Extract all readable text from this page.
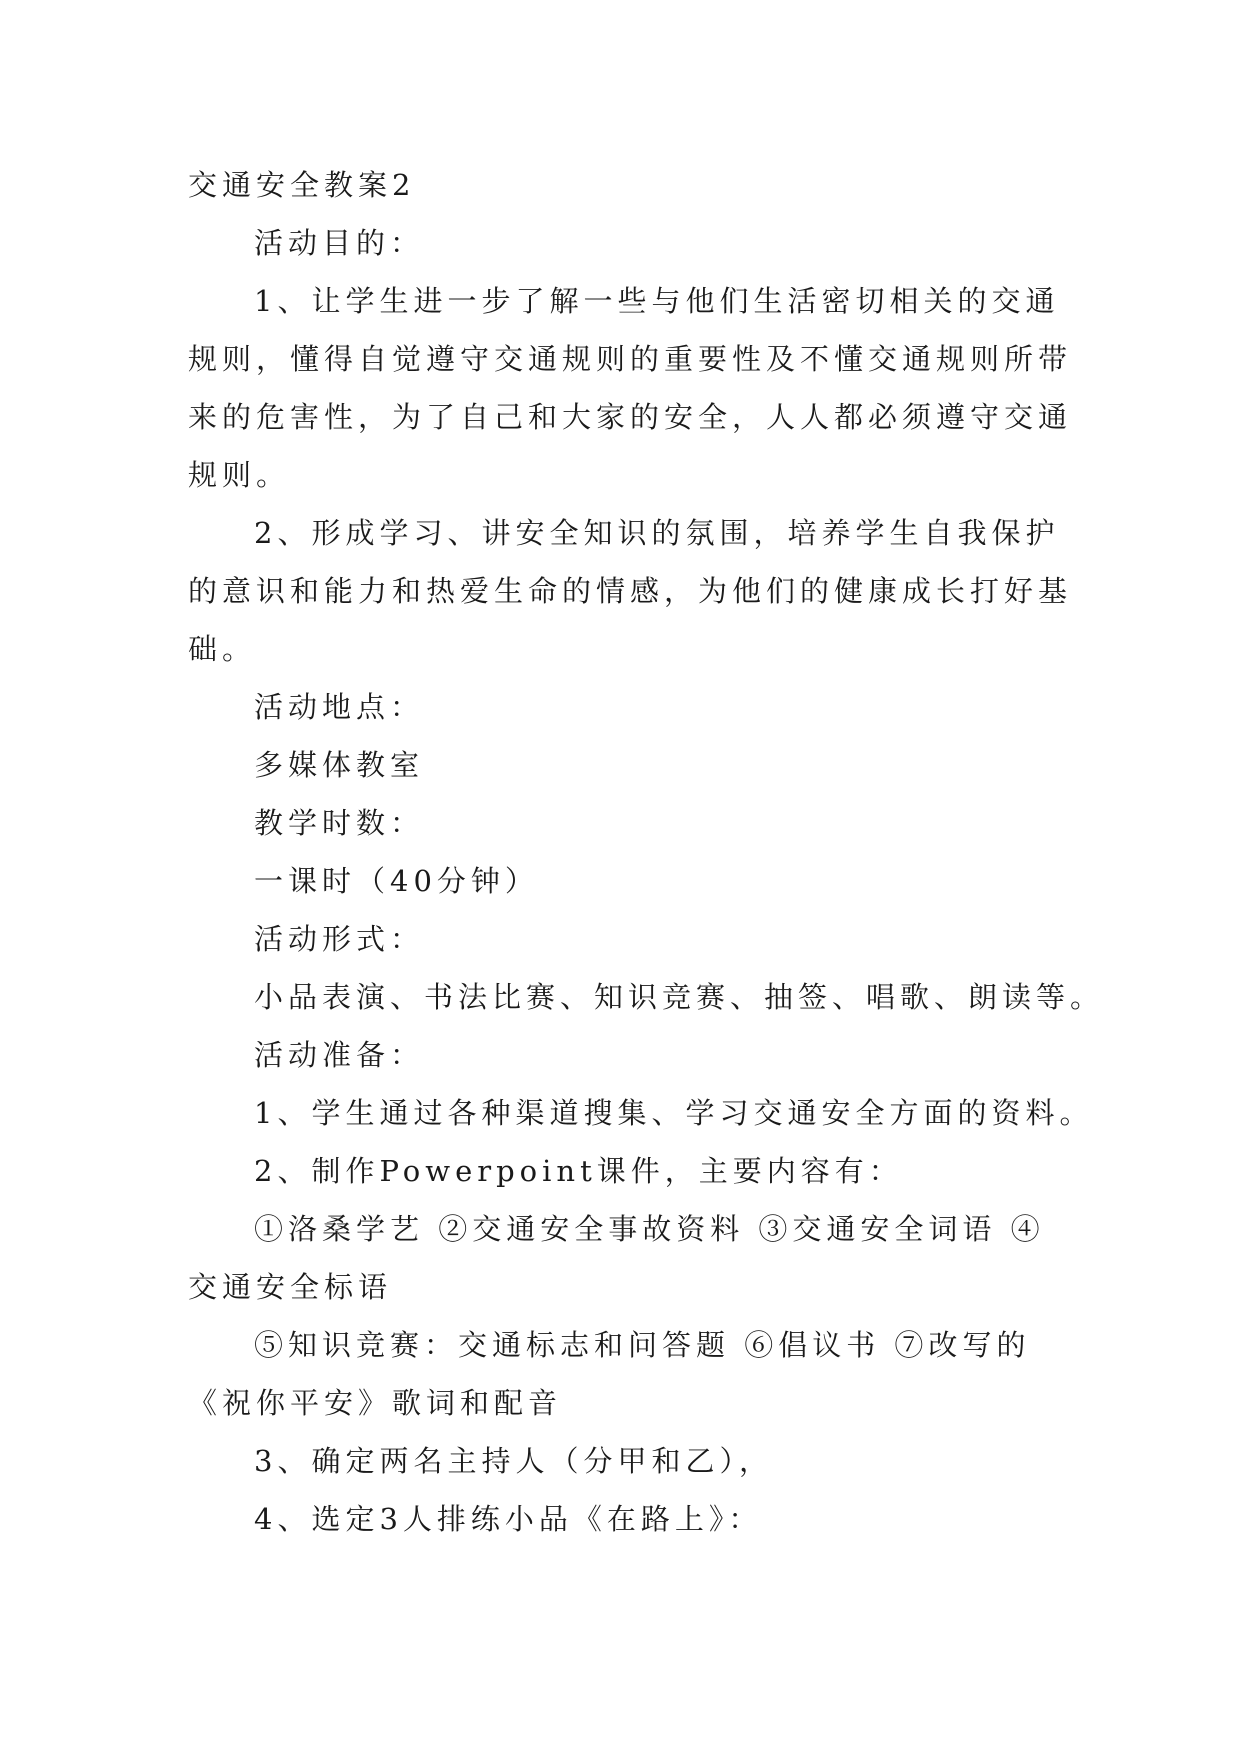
交通安全教案2
活动目的：
1、让学生进一步了解一些与他们生活密切相关的交通
规则，懂得自觉遵守交通规则的重要性及不懂交通规则所带
来的危害性，为了自己和大家的安全，人人都必须遵守交通
规则。
2、形成学习、讲安全知识的氛围，培养学生自我保护
的意识和能力和热爱生命的情感，为他们的健康成长打好基
础。
活动地点：
多媒体教室
教学时数：
一课时（40分钟）
活动形式：
小品表演、书法比赛、知识竞赛、抽签、唱歌、朗读等。
活动准备：
1、学生通过各种渠道搜集、学习交通安全方面的资料。
2、制作Powerpoint课件，主要内容有：
①洛桑学艺 ②交通安全事故资料 ③交通安全词语 ④
交通安全标语
⑤知识竞赛：交通标志和问答题 ⑥倡议书 ⑦改写的
《祝你平安》歌词和配音
3、确定两名主持人（分甲和乙），
4、选定3人排练小品《在路上》：
